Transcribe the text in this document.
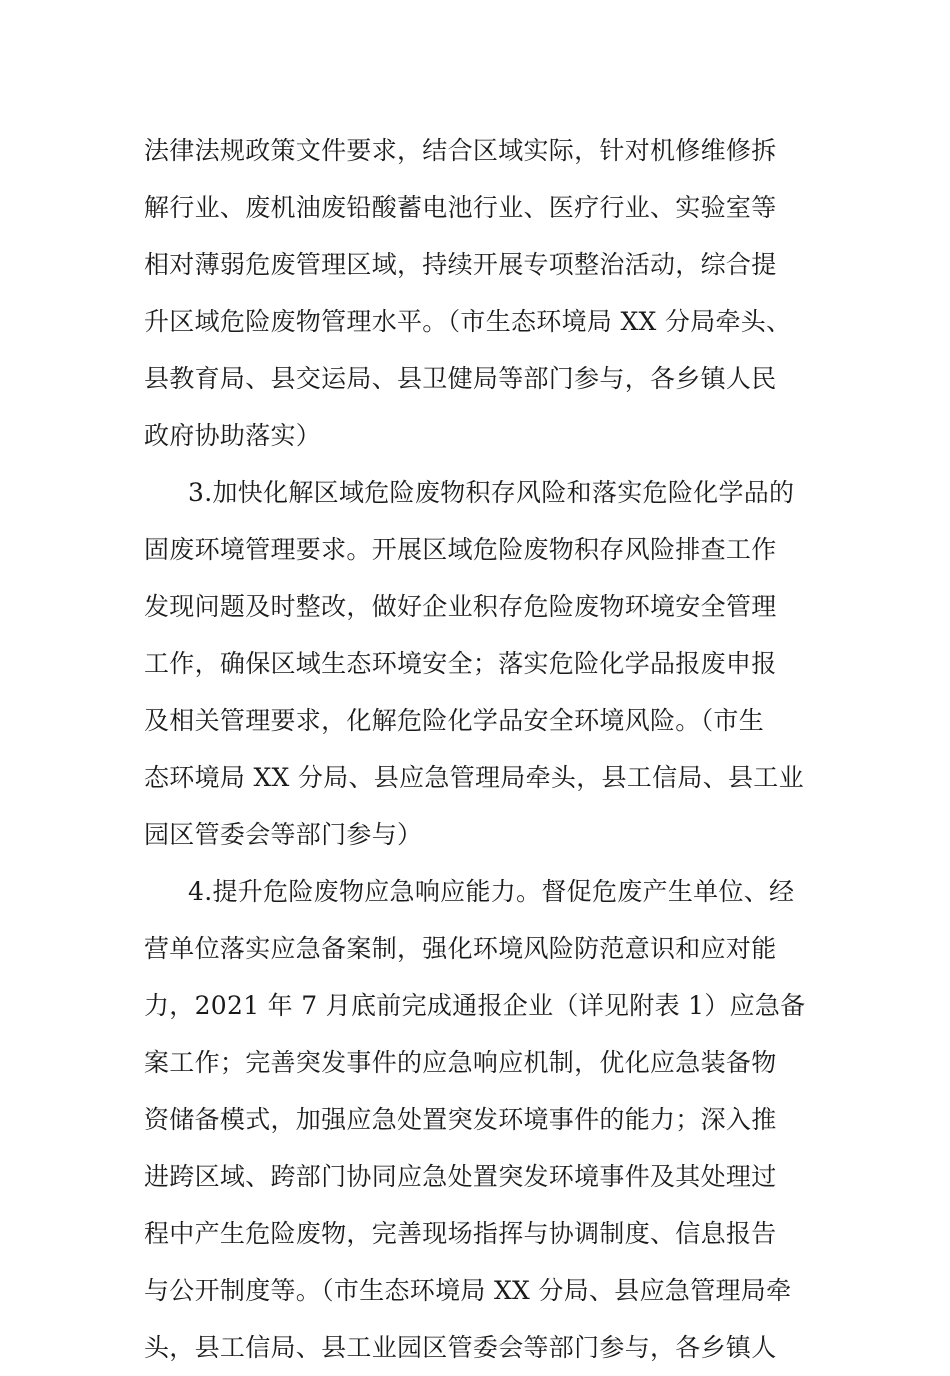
法律法规政策文件要求，结合区域实际，针对机修维修拆
解行业、废机油废铅酸蓄电池行业、医疗行业、实验室等
相对薄弱危废管理区域，持续开展专项整治活动，综合提
升区域危险废物管理水平。（市生态环境局 XX 分局牵头、
县教育局、县交运局、县卫健局等部门参与，各乡镇人民
政府协助落实）
3.加快化解区域危险废物积存风险和落实危险化学品的
固废环境管理要求。开展区域危险废物积存风险排查工作
发现问题及时整改，做好企业积存危险废物环境安全管理
工作，确保区域生态环境安全；落实危险化学品报废申报
及相关管理要求，化解危险化学品安全环境风险。（市生
态环境局 XX 分局、县应急管理局牵头，县工信局、县工业
园区管委会等部门参与）
4.提升危险废物应急响应能力。督促危废产生单位、经
营单位落实应急备案制，强化环境风险防范意识和应对能
力，2021 年 7 月底前完成通报企业（详见附表 1）应急备
案工作；完善突发事件的应急响应机制，优化应急装备物
资储备模式，加强应急处置突发环境事件的能力；深入推
进跨区域、跨部门协同应急处置突发环境事件及其处理过
程中产生危险废物，完善现场指挥与协调制度、信息报告
与公开制度等。（市生态环境局 XX 分局、县应急管理局牵
头，县工信局、县工业园区管委会等部门参与，各乡镇人
